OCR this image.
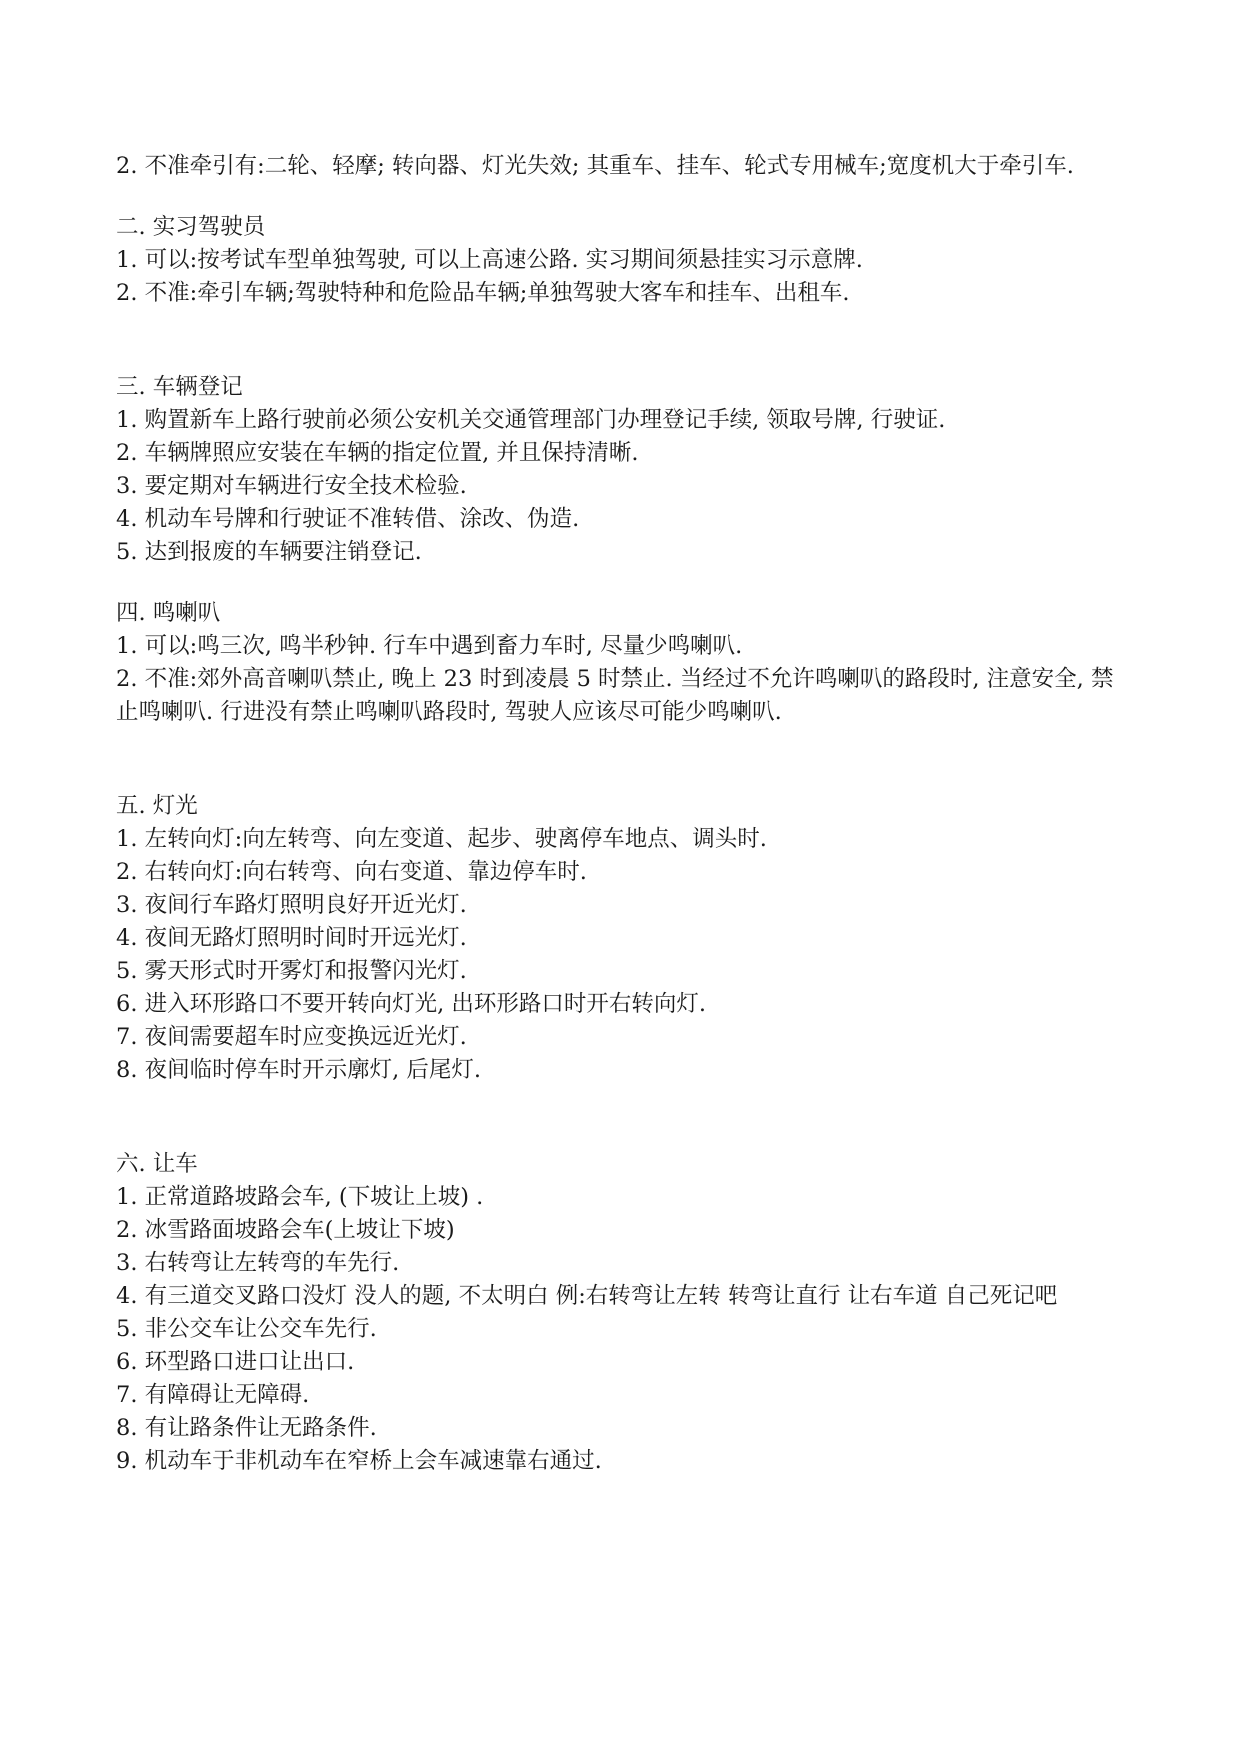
2. 不准牵引有:二轮、轻摩; 转向器、灯光失效; 其重车、挂车、轮式专用械车;宽度机大于牵引车.

二. 实习驾驶员

1. 可以:按考试车型单独驾驶, 可以上高速公路. 实习期间须悬挂实习示意牌.

2. 不准:牵引车辆;驾驶特种和危险品车辆;单独驾驶大客车和挂车、出租车.

三. 车辆登记

1. 购置新车上路行驶前必须公安机关交通管理部门办理登记手续, 领取号牌, 行驶证.

2. 车辆牌照应安装在车辆的指定位置, 并且保持清晰.

3. 要定期对车辆进行安全技术检验.

4. 机动车号牌和行驶证不准转借、涂改、伪造.

5. 达到报废的车辆要注销登记.

四. 鸣喇叭

1. 可以:鸣三次, 鸣半秒钟. 行车中遇到畜力车时, 尽量少鸣喇叭.

2. 不准:郊外高音喇叭禁止, 晚上 23 时到凌晨 5 时禁止. 当经过不允许鸣喇叭的路段时, 注意安全, 禁止鸣喇叭. 行进没有禁止鸣喇叭路段时, 驾驶人应该尽可能少鸣喇叭.

五. 灯光

1. 左转向灯:向左转弯、向左变道、起步、驶离停车地点、调头时.

2. 右转向灯:向右转弯、向右变道、靠边停车时.

3. 夜间行车路灯照明良好开近光灯.

4. 夜间无路灯照明时间时开远光灯.

5. 雾天形式时开雾灯和报警闪光灯.

6. 进入环形路口不要开转向灯光, 出环形路口时开右转向灯.

7. 夜间需要超车时应变换远近光灯.

8. 夜间临时停车时开示廓灯, 后尾灯.

六. 让车

1. 正常道路坡路会车, (下坡让上坡) .

2. 冰雪路面坡路会车(上坡让下坡)

3. 右转弯让左转弯的车先行.

4. 有三道交叉路口没灯 没人的题, 不太明白 例:右转弯让左转 转弯让直行 让右车道 自己死记吧

5. 非公交车让公交车先行.

6. 环型路口进口让出口.

7. 有障碍让无障碍.

8. 有让路条件让无路条件.

9. 机动车于非机动车在窄桥上会车减速靠右通过.
